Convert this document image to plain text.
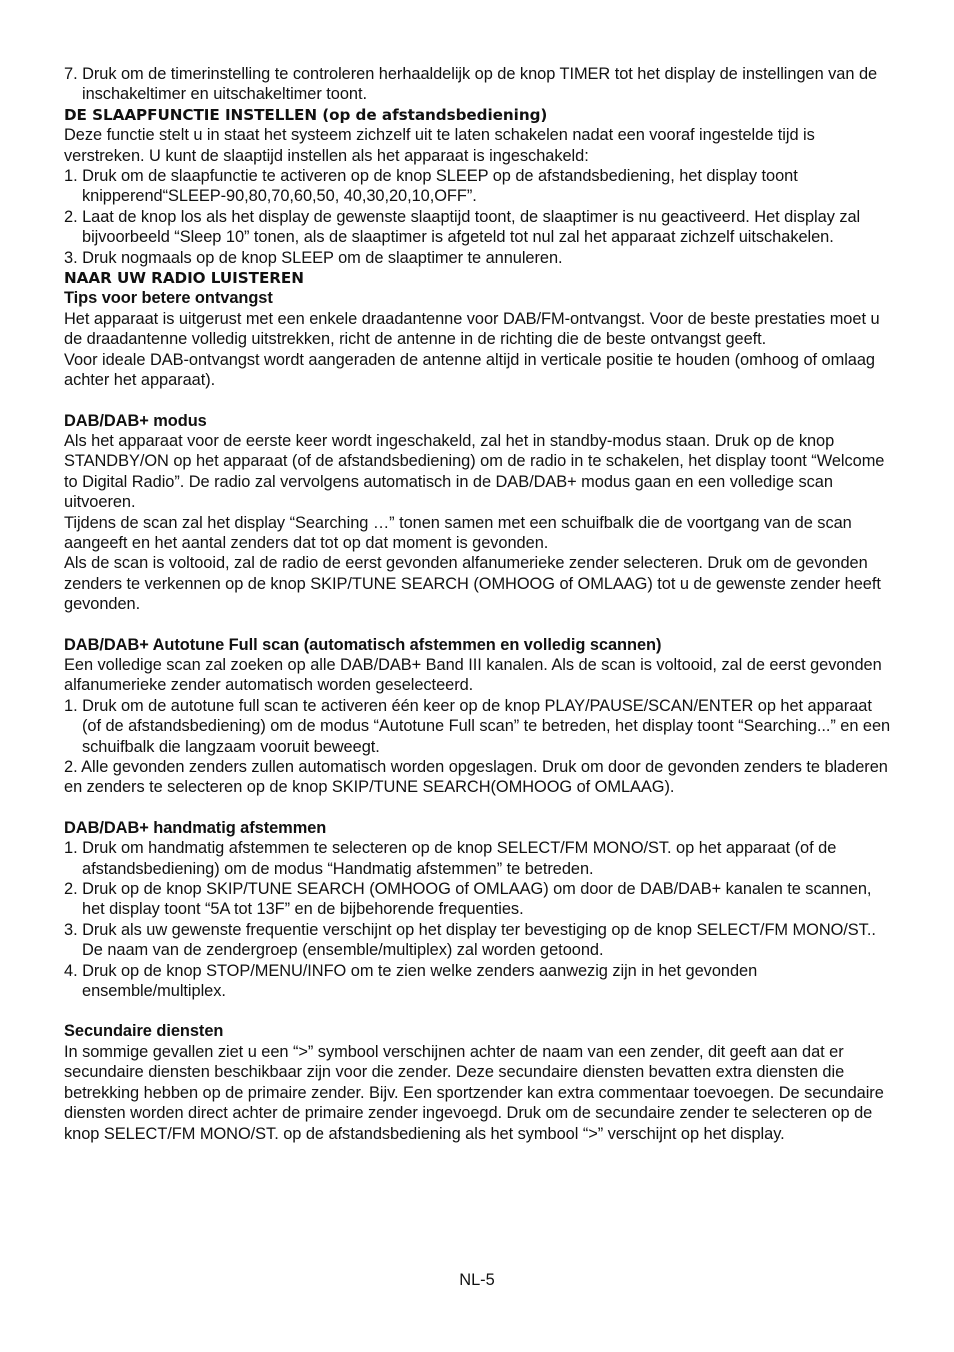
7. Druk om de timerinstelling te controleren herhaaldelijk op de knop TIMER tot het display de instellingen van de inschakeltimer en uitschakeltimer toont.

DE SLAAPFUNCTIE INSTELLEN (op de afstandsbediening)

Deze functie stelt u in staat het systeem zichzelf uit te laten schakelen nadat een vooraf ingestelde tijd is verstreken. U kunt de slaaptijd instellen als het apparaat is ingeschakeld:

1. Druk om de slaapfunctie te activeren op de knop SLEEP op de afstandsbediening, het display toont knipperend“SLEEP-90,80,70,60,50, 40,30,20,10,OFF”.

2. Laat de knop los als het display de gewenste slaaptijd toont, de slaaptimer is nu geactiveerd. Het display zal bijvoorbeeld “Sleep 10” tonen, als de slaaptimer is afgeteld tot nul zal het apparaat zichzelf uitschakelen.

3. Druk nogmaals op de knop SLEEP om de slaaptimer te annuleren.

NAAR UW RADIO LUISTEREN

Tips voor betere ontvangst

Het apparaat is uitgerust met een enkele draadantenne voor DAB/FM-ontvangst. Voor de beste prestaties moet u de draadantenne volledig uitstrekken, richt de antenne in de richting die de beste ontvangst geeft.

Voor ideale DAB-ontvangst wordt aangeraden de antenne altijd in verticale positie te houden (omhoog of omlaag achter het apparaat).

DAB/DAB+ modus

Als het apparaat voor de eerste keer wordt ingeschakeld, zal het in standby-modus staan. Druk op de knop STANDBY/ON op het apparaat (of de afstandsbediening) om de radio in te schakelen, het display toont “Welcome to Digital Radio”. De radio zal vervolgens automatisch in de DAB/DAB+ modus gaan en een volledige scan uitvoeren.

Tijdens de scan zal het display “Searching …” tonen samen met een schuifbalk die de voortgang van de scan aangeeft en het aantal zenders dat tot op dat moment is gevonden.

Als de scan is voltooid, zal de radio de eerst gevonden alfanumerieke zender selecteren. Druk om de gevonden zenders te verkennen op de knop SKIP/TUNE SEARCH (OMHOOG of OMLAAG) tot u de gewenste zender heeft gevonden.

DAB/DAB+ Autotune Full scan (automatisch afstemmen en volledig scannen)

Een volledige scan zal zoeken op alle DAB/DAB+ Band III kanalen. Als de scan is voltooid, zal de eerst gevonden alfanumerieke zender automatisch worden geselecteerd.

1. Druk om de autotune full scan te activeren één keer op de knop PLAY/PAUSE/SCAN/ENTER op het apparaat (of de afstandsbediening) om de modus “Autotune Full scan” te betreden, het display toont “Searching...” en een schuifbalk die langzaam vooruit beweegt.

2. Alle gevonden zenders zullen automatisch worden opgeslagen. Druk om door de gevonden zenders te bladeren en zenders te selecteren op de knop SKIP/TUNE SEARCH(OMHOOG of OMLAAG).

DAB/DAB+ handmatig afstemmen

1. Druk om handmatig afstemmen te selecteren op de knop SELECT/FM MONO/ST. op het apparaat (of de afstandsbediening) om de modus “Handmatig afstemmen” te betreden.

2. Druk op de knop SKIP/TUNE SEARCH (OMHOOG of OMLAAG) om door de DAB/DAB+ kanalen te scannen, het display toont “5A tot 13F” en de bijbehorende frequenties.

3. Druk als uw gewenste frequentie verschijnt op het display ter bevestiging op de knop SELECT/FM MONO/ST.. De naam van de zendergroep (ensemble/multiplex) zal worden getoond.

4. Druk op de knop STOP/MENU/INFO om te zien welke zenders aanwezig zijn in het gevonden ensemble/multiplex.

Secundaire diensten

In sommige gevallen ziet u een “>” symbool verschijnen achter de naam van een zender, dit geeft aan dat er secundaire diensten beschikbaar zijn voor die zender. Deze secundaire diensten bevatten extra diensten die betrekking hebben op de primaire zender. Bijv. Een sportzender kan extra commentaar toevoegen. De secundaire diensten worden direct achter de primaire zender ingevoegd. Druk om de secundaire zender te selecteren op de knop SELECT/FM MONO/ST. op de afstandsbediening als het symbool “>” verschijnt op het display.

NL-5
